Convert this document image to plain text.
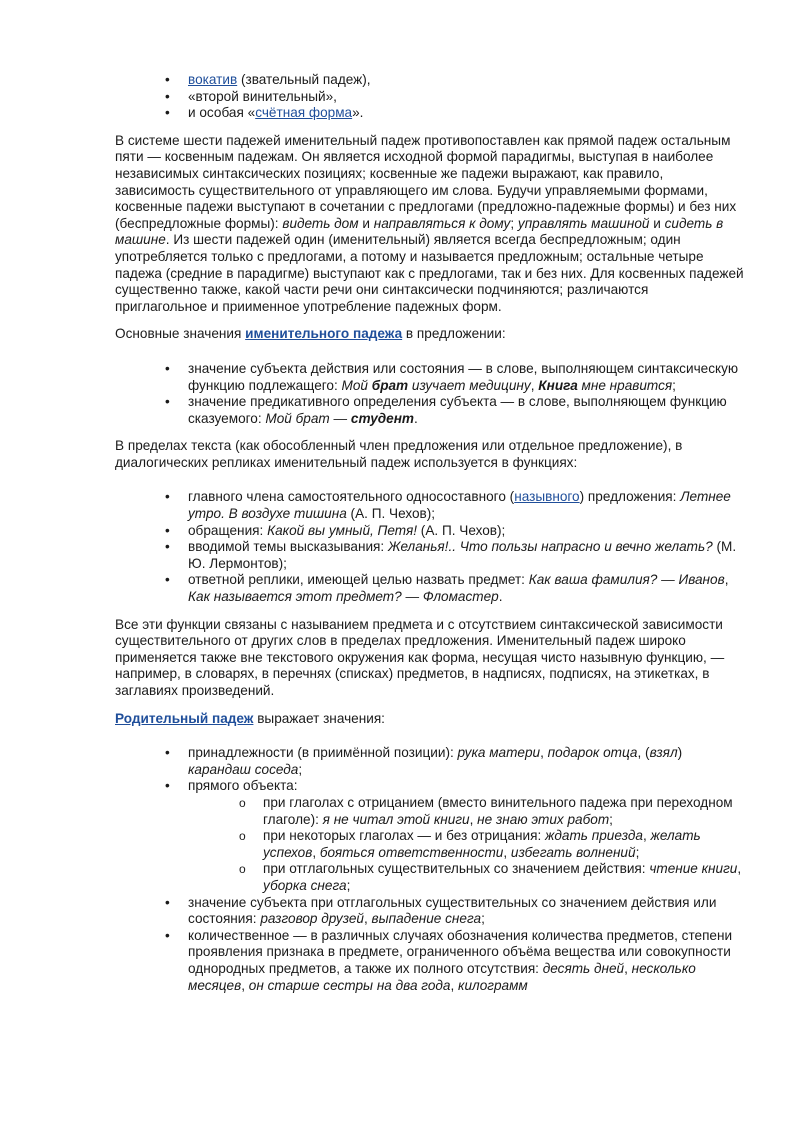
• вокатив (звательный падеж),
• «второй винительный»,
• и особая «счётная форма».

В системе шести падежей именительный падеж противопоставлен как прямой падеж остальным пяти — косвенным падежам. Он является исходной формой парадигмы, выступая в наиболее независимых синтаксических позициях; косвенные же падежи выражают, как правило, зависимость существительного от управляющего им слова. Будучи управляемыми формами, косвенные падежи выступают в сочетании с предлогами (предложно-падежные формы) и без них (беспредложные формы): видеть дом и направляться к дому; управлять машиной и сидеть в машине. Из шести падежей один (именительный) является всегда беспредложным; один употребляется только с предлогами, а потому и называется предложным; остальные четыре падежа (средние в парадигме) выступают как с предлогами, так и без них. Для косвенных падежей существенно также, какой части речи они синтаксически подчиняются; различаются приглагольное и приименное употребление падежных форм.

Основные значения именительного падежа в предложении:

• значение субъекта действия или состояния — в слове, выполняющем синтаксическую функцию подлежащего: Мой брат изучает медицину, Книга мне нравится;
• значение предикативного определения субъекта — в слове, выполняющем функцию сказуемого: Мой брат — студент.

В пределах текста (как обособленный член предложения или отдельное предложение), в диалогических репликах именительный падеж используется в функциях:

• главного члена самостоятельного односоставного (назывного) предложения: Летнее утро. В воздухе тишина (А. П. Чехов);
• обращения: Какой вы умный, Петя! (А. П. Чехов);
• вводимой темы высказывания: Желанья!.. Что пользы напрасно и вечно желать? (М. Ю. Лермонтов);
• ответной реплики, имеющей целью назвать предмет: Как ваша фамилия? — Иванов, Как называется этот предмет? — Фломастер.

Все эти функции связаны с называнием предмета и с отсутствием синтаксической зависимости существительного от других слов в пределах предложения. Именительный падеж широко применяется также вне текстового окружения как форма, несущая чисто назывную функцию, — например, в словарях, в перечнях (списках) предметов, в надписях, подписях, на этикетках, в заглавиях произведений.

Родительный падеж выражает значения:

• принадлежности (в приимённой позиции): рука матери, подарок отца, (взял) карандаш соседа;
• прямого объекта:
o при глаголах с отрицанием (вместо винительного падежа при переходном глаголе): я не читал этой книги, не знаю этих работ;
o при некоторых глаголах — и без отрицания: ждать приезда, желать успехов, бояться ответственности, избегать волнений;
o при отглагольных существительных со значением действия: чтение книги, уборка снега;
• значение субъекта при отглагольных существительных со значением действия или состояния: разговор друзей, выпадение снега;
• количественное — в различных случаях обозначения количества предметов, степени проявления признака в предмете, ограниченного объёма вещества или совокупности однородных предметов, а также их полного отсутствия: десять дней, несколько месяцев, он старше сестры на два года, килограмм
